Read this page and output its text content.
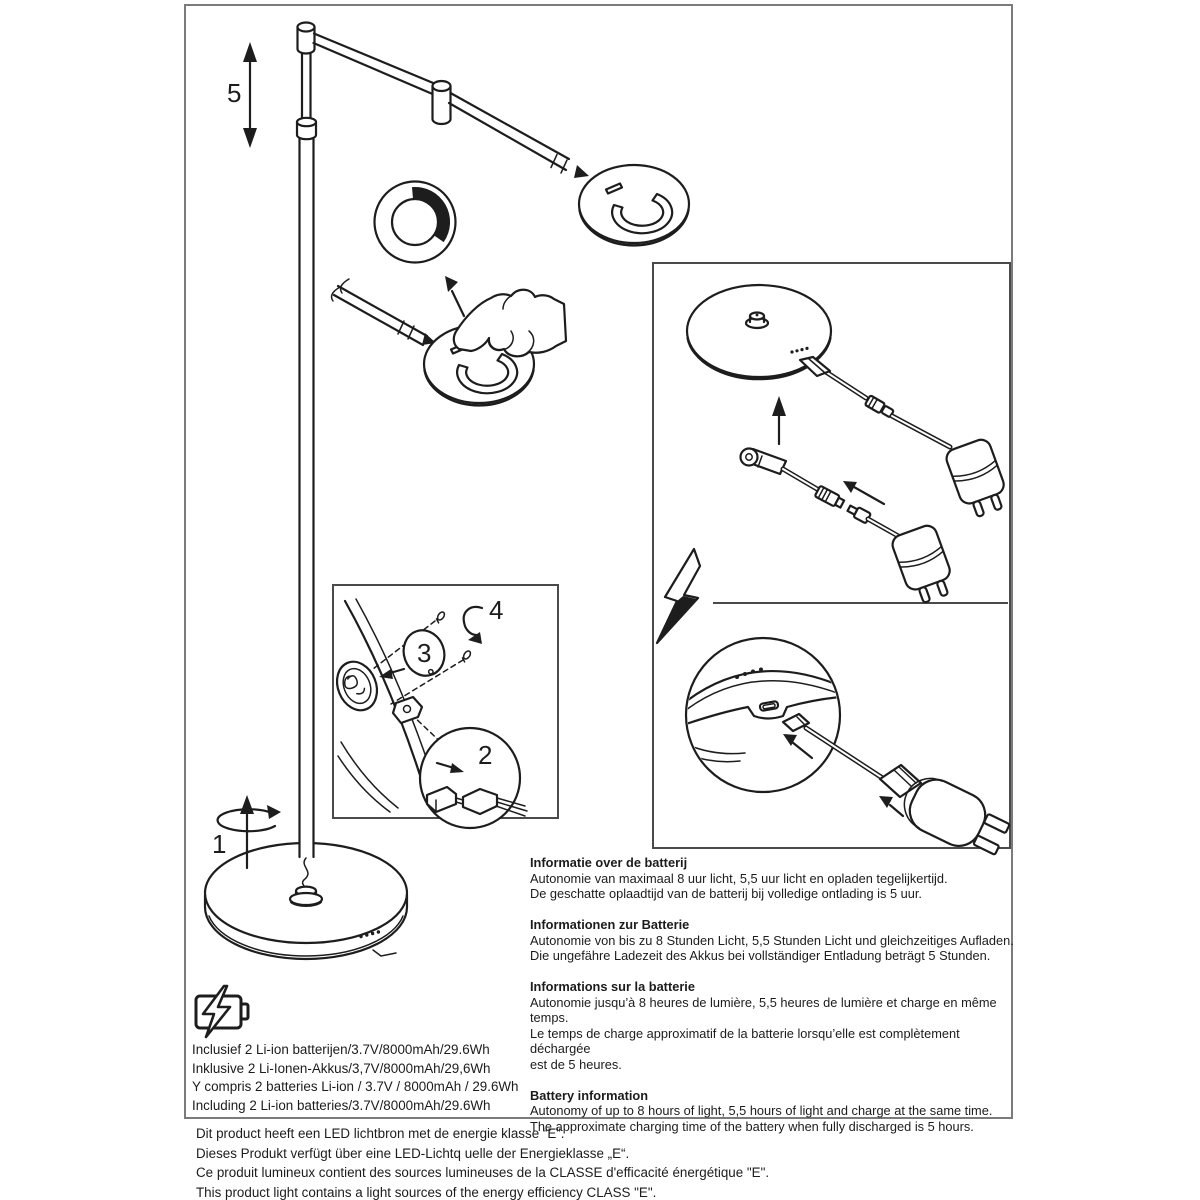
5
1
3
4
2
Inclusief 2 Li-ion batterijen/3.7V/8000mAh/29.6Wh
Inklusive 2 Li-Ionen-Akkus/3,7V/8000mAh/29,6Wh
Y compris 2 batteries Li-ion / 3.7V / 8000mAh / 29.6Wh
Including 2 Li-ion batteries/3.7V/8000mAh/29.6Wh
Informatie over de batterij
Autonomie van maximaal 8 uur licht, 5,5 uur licht en opladen tegelijkertijd.
De geschatte oplaadtijd van de batterij bij volledige ontlading is 5 uur.
Informationen zur Batterie
Autonomie von bis zu 8 Stunden Licht, 5,5 Stunden Licht und gleichzeitiges Aufladen.
Die ungefähre Ladezeit des Akkus bei vollständiger Entladung beträgt 5 Stunden.
Informations sur la batterie
Autonomie jusqu’à 8 heures de lumière, 5,5 heures de lumière et charge en même temps.
Le temps de charge approximatif de la batterie lorsqu’elle est complètement déchargée
est de 5 heures.
Battery information
Autonomy of up to 8 hours of light, 5,5 hours of light and charge at the same time.
The approximate charging time of the battery when fully discharged is 5 hours.
Dit product heeft een LED lichtbron met de energie klasse “E”.
Dieses Produkt verfügt über eine LED-Lichtq uelle der Energieklasse „E“.
Ce produit lumineux contient des sources lumineuses de la CLASSE d'efficacité énergétique "E".
This product light contains a light sources of the energy efficiency CLASS "E".
